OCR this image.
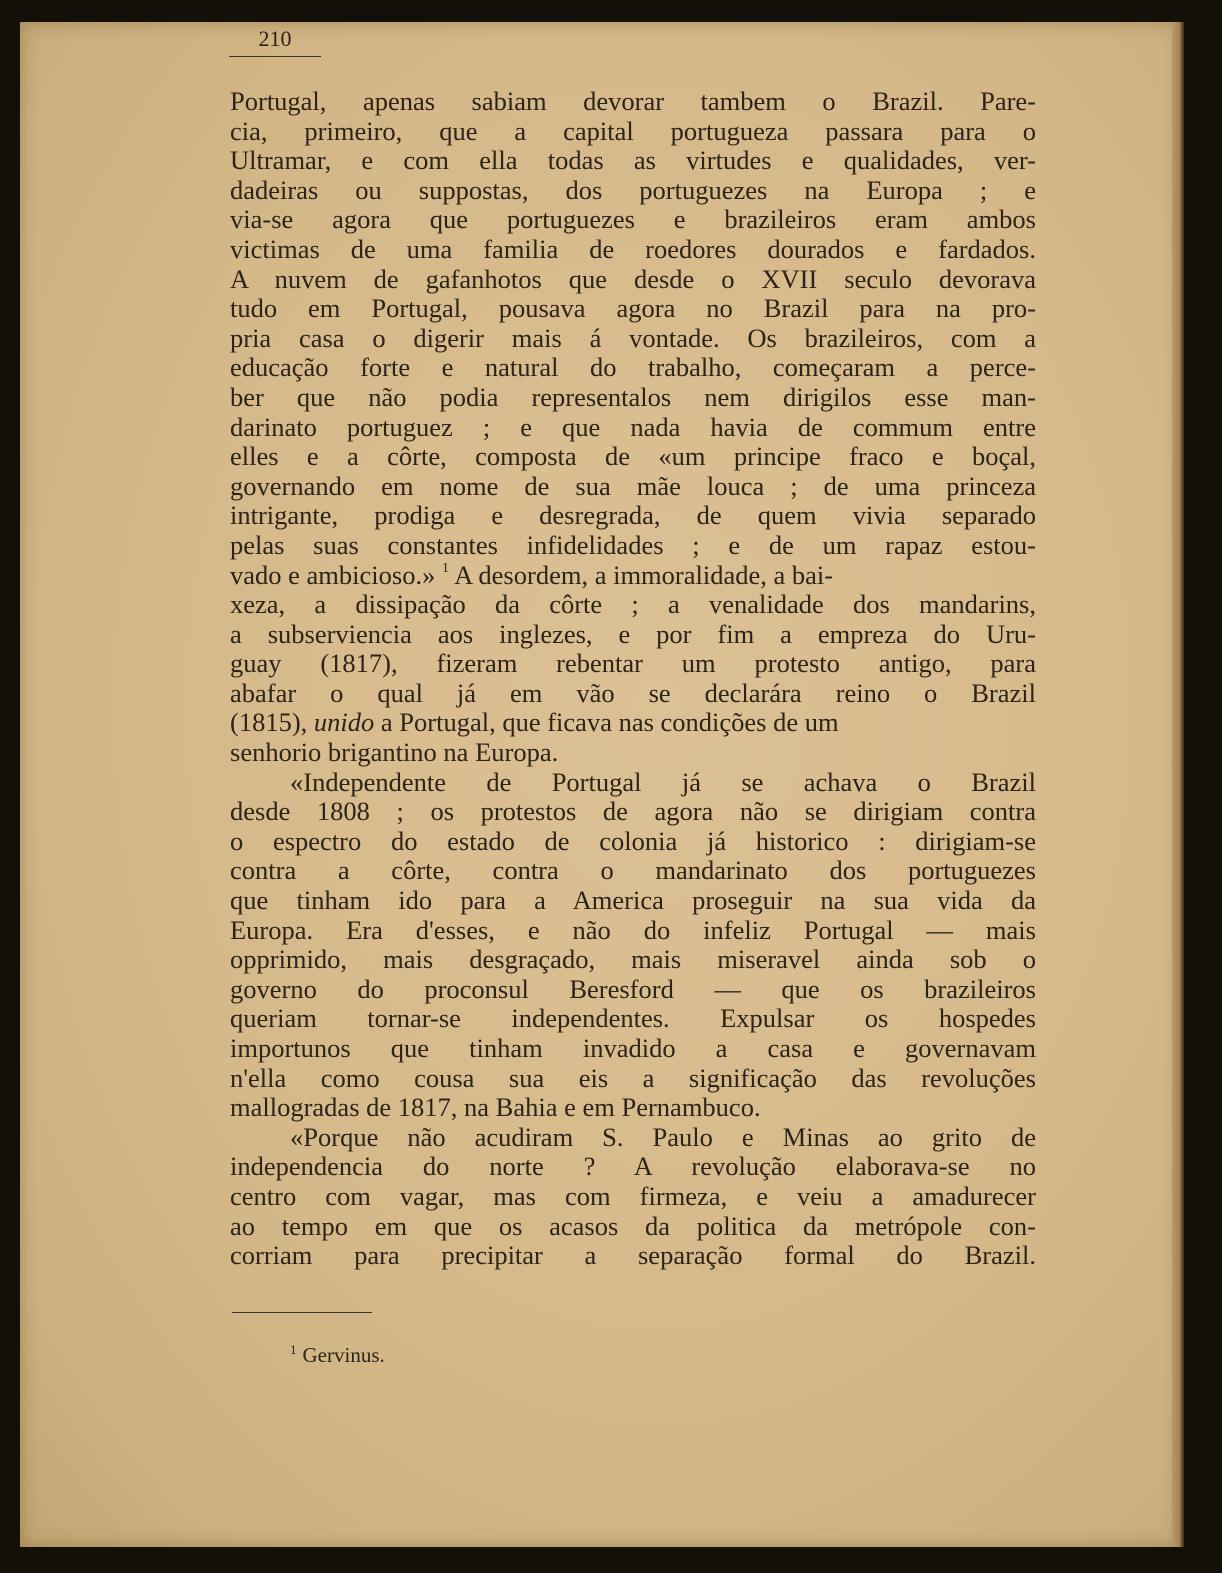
210
Portugal, apenas sabiam devorar tambem o Brazil. Pare-
cia, primeiro, que a capital portugueza passara para o
Ultramar, e com ella todas as virtudes e qualidades, ver-
dadeiras ou suppostas, dos portuguezes na Europa ; e
via-se agora que portuguezes e brazileiros eram ambos
victimas de uma familia de roedores dourados e fardados.
A nuvem de gafanhotos que desde o XVII seculo devorava
tudo em Portugal, pousava agora no Brazil para na pro-
pria casa o digerir mais á vontade. Os brazileiros, com a
educação forte e natural do trabalho, começaram a perce-
ber que não podia representalos nem dirigilos esse man-
darinato portuguez ; e que nada havia de commum entre
elles e a côrte, composta de «um principe fraco e boçal,
governando em nome de sua mãe louca ; de uma princeza
intrigante, prodiga e desregrada, de quem vivia separado
pelas suas constantes infidelidades ; e de um rapaz estou-
vado e ambicioso.» $^1$ A desordem, a immoralidade, a bai-
xeza, a dissipação da côrte ; a venalidade dos mandarins,
a subserviencia aos inglezes, e por fim a empreza do Uru-
guay (1817), fizeram rebentar um protesto antigo, para
abafar o qual já em vão se declarára reino o Brazil
(1815), unido a Portugal, que ficava nas condições de um
senhorio brigantino na Europa.
«Independente de Portugal já se achava o Brazil
desde 1808 ; os protestos de agora não se dirigiam contra
o espectro do estado de colonia já historico : dirigiam-se
contra a côrte, contra o mandarinato dos portuguezes
que tinham ido para a America proseguir na sua vida da
Europa. Era d'esses, e não do infeliz Portugal — mais
opprimido, mais desgraçado, mais miseravel ainda sob o
governo do proconsul Beresford — que os brazileiros
queriam tornar-se independentes. Expulsar os hospedes
importunos que tinham invadido a casa e governavam
n'ella como cousa sua eis a significação das revoluções
mallogradas de 1817, na Bahia e em Pernambuco.
«Porque não acudiram S. Paulo e Minas ao grito de
independencia do norte ? A revolução elaborava-se no
centro com vagar, mas com firmeza, e veiu a amadurecer
ao tempo em que os acasos da politica da metrópole con-
corriam para precipitar a separação formal do Brazil.
$^1$ Gervinus.
